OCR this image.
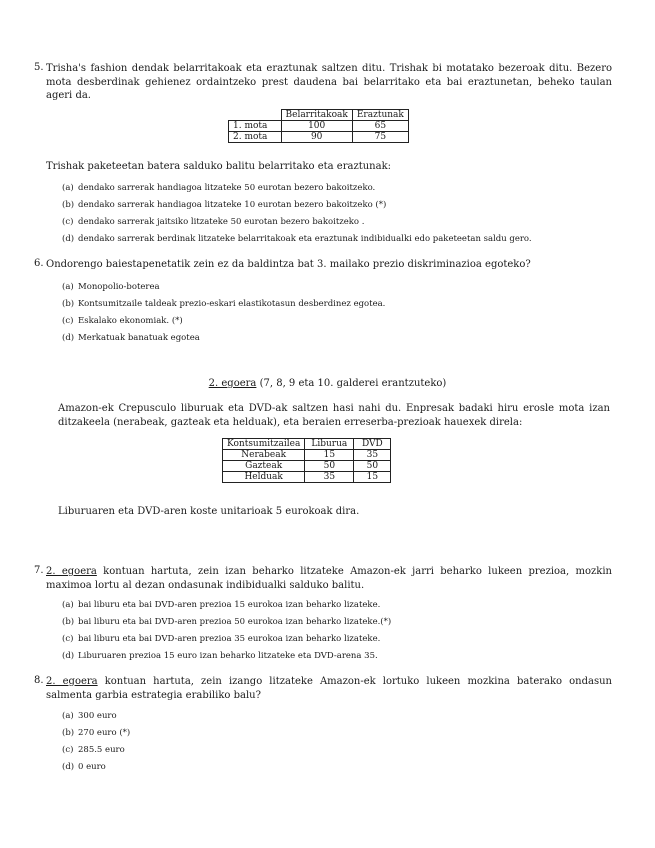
5. Trisha's fashion dendak belarritakoak eta eraztunak saltzen ditu. Trishak bi motatako bezeroak ditu. Bezero mota desberdinak gehienez ordaintzeko prest daudena bai belarritako eta bai eraztunetan, beheko taulan ageri da.
	Belarritakoak	Eraztunak
1. mota	100	65
2. mota	90	75
Trishak paketeetan batera salduko balitu belarritako eta eraztunak:
(a) dendako sarrerak handiagoa litzateke 50 eurotan bezero bakoitzeko.
(b) dendako sarrerak handiagoa litzateke 10 eurotan bezero bakoitzeko (*)
(c) dendako sarrerak jaitsiko litzateke 50 eurotan bezero bakoitzeko .
(d) dendako sarrerak berdinak litzateke belarritakoak eta eraztunak indibidualki edo paketeetan saldu gero.
6. Ondorengo baiestapenetatik zein ez da baldintza bat 3. mailako prezio diskriminazioa egoteko?
(a) Monopolio-boterea
(b) Kontsumitzaile taldeak prezio-eskari elastikotasun desberdinez egotea.
(c) Eskalako ekonomiak. (*)
(d) Merkatuak banatuak egotea
2. egoera (7, 8, 9 eta 10. galderei erantzuteko)
Amazon-ek Crepusculo liburuak eta DVD-ak saltzen hasi nahi du. Enpresak badaki hiru erosle mota izan ditzakeela (nerabeak, gazteak eta helduak), eta beraien erreserba-prezioak hauexek direla:
Kontsumitzailea	Liburua	DVD
Nerabeak	15	35
Gazteak	50	50
Helduak	35	15
Liburuaren eta DVD-aren koste unitarioak 5 eurokoak dira.
7. 2. egoera kontuan hartuta, zein izan beharko litzateke Amazon-ek jarri beharko lukeen prezioa, mozkin maximoa lortu al dezan ondasunak indibidualki salduko balitu.
(a) bai liburu eta bai DVD-aren prezioa 15 eurokoa izan beharko lizateke.
(b) bai liburu eta bai DVD-aren prezioa 50 eurokoa izan beharko lizateke.(*)
(c) bai liburu eta bai DVD-aren prezioa 35 eurokoa izan beharko lizateke.
(d) Liburuaren prezioa 15 euro izan beharko litzateke eta DVD-arena 35.
8. 2. egoera kontuan hartuta, zein izango litzateke Amazon-ek lortuko lukeen mozkina baterako ondasun salmenta garbia estrategia erabiliko balu?
(a) 300 euro
(b) 270 euro (*)
(c) 285.5 euro
(d) 0 euro
